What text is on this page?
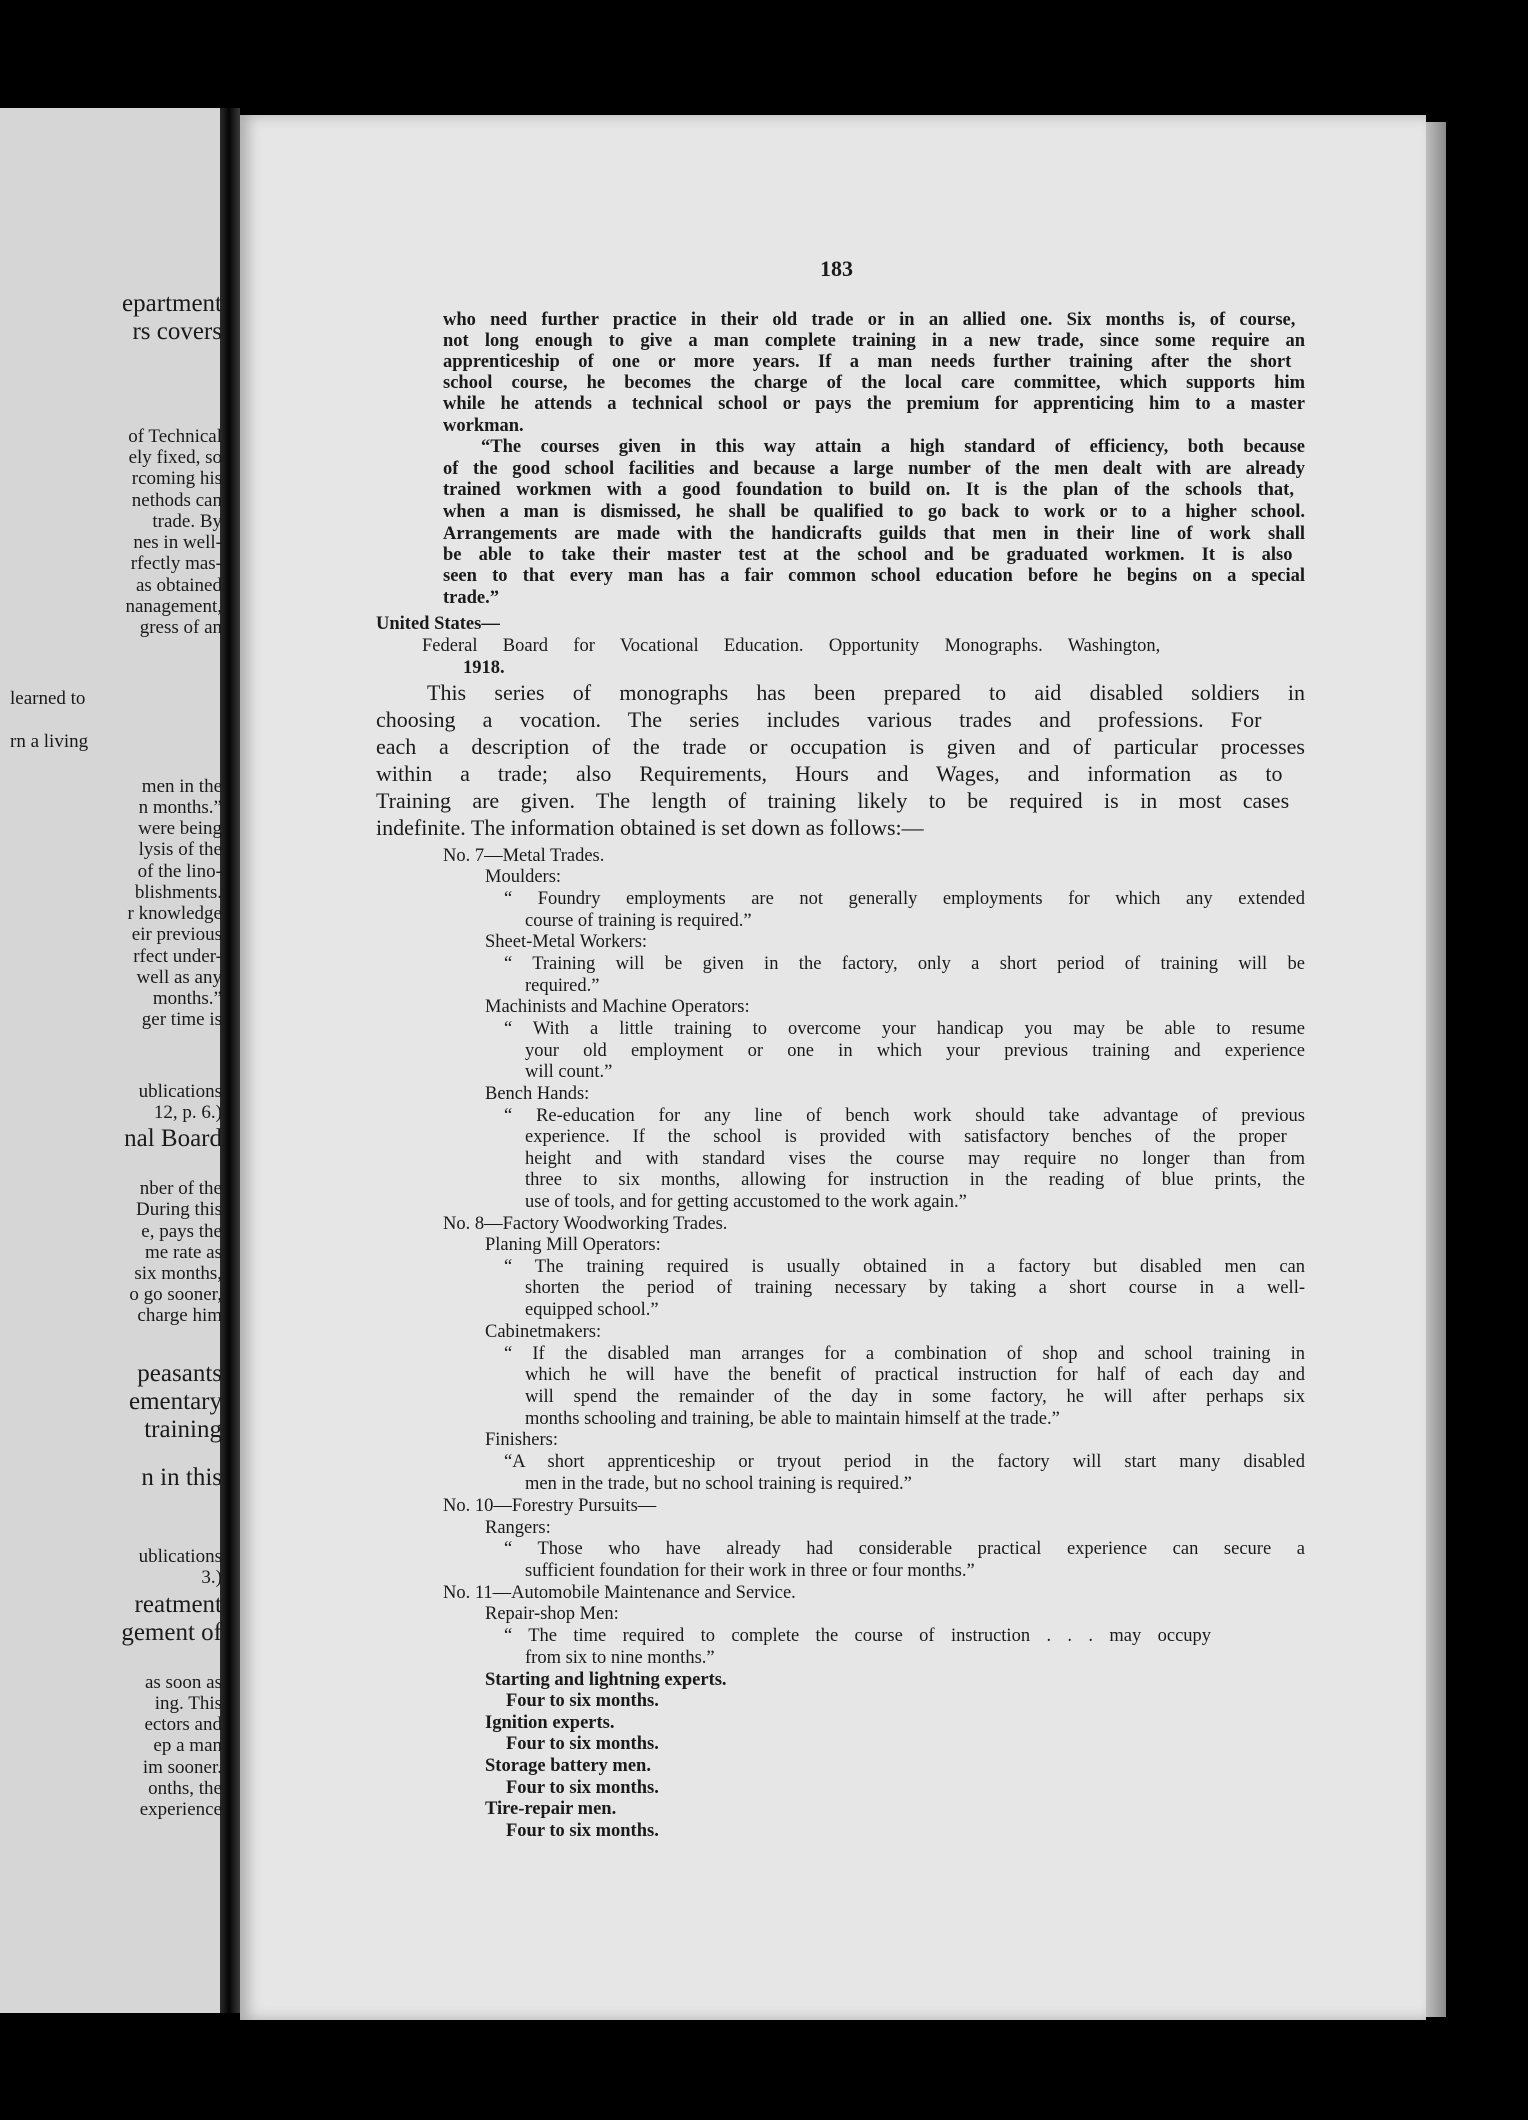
183
epartment
rs covers
of Technical
ely fixed, so
rcoming his
nethods can
trade. By
nes in well-
rfectly mas-
as obtained
nanagement,
gress of an
learned to
rn a living
men in the
n months.”
were being
lysis of the
of the lino-
blishments.
r knowledge
eir previous
rfect under-
well as any
months.”
ger time is
ublications
12, p. 6.)
nal Board
nber of the
During this
e, pays the
me rate as
six months,
o go sooner,
charge him
peasants
ementary
training
n in this
ublications
3.)
reatment
gement of
as soon as
ing. This
ectors and
ep a man
im sooner.
onths, the
experience
who need further practice in their old trade or in an allied one. Six months is, of course,
not long enough to give a man complete training in a new trade, since some require an
apprenticeship of one or more years. If a man needs further training after the short
school course, he becomes the charge of the local care committee, which supports him
while he attends a technical school or pays the premium for apprenticing him to a master
workman.
“The courses given in this way attain a high standard of efficiency, both because
of the good school facilities and because a large number of the men dealt with are already
trained workmen with a good foundation to build on. It is the plan of the schools that,
when a man is dismissed, he shall be qualified to go back to work or to a higher school.
Arrangements are made with the handicrafts guilds that men in their line of work shall
be able to take their master test at the school and be graduated workmen. It is also
seen to that every man has a fair common school education before he begins on a special
trade.”
United States—
Federal Board for Vocational Education. Opportunity Monographs. Washington,
1918.
This series of monographs has been prepared to aid disabled soldiers in
choosing a vocation. The series includes various trades and professions. For
each a description of the trade or occupation is given and of particular processes
within a trade; also Requirements, Hours and Wages, and information as to
Training are given. The length of training likely to be required is in most cases
indefinite. The information obtained is set down as follows:—
No. 7—Metal Trades.
Moulders:
“ Foundry employments are not generally employments for which any extended
course of training is required.”
Sheet-Metal Workers:
“ Training will be given in the factory, only a short period of training will be
required.”
Machinists and Machine Operators:
“ With a little training to overcome your handicap you may be able to resume
your old employment or one in which your previous training and experience
will count.”
Bench Hands:
“ Re-education for any line of bench work should take advantage of previous
experience. If the school is provided with satisfactory benches of the proper
height and with standard vises the course may require no longer than from
three to six months, allowing for instruction in the reading of blue prints, the
use of tools, and for getting accustomed to the work again.”
No. 8—Factory Woodworking Trades.
Planing Mill Operators:
“ The training required is usually obtained in a factory but disabled men can
shorten the period of training necessary by taking a short course in a well-
equipped school.”
Cabinetmakers:
“ If the disabled man arranges for a combination of shop and school training in
which he will have the benefit of practical instruction for half of each day and
will spend the remainder of the day in some factory, he will after perhaps six
months schooling and training, be able to maintain himself at the trade.”
Finishers:
“A short apprenticeship or tryout period in the factory will start many disabled
men in the trade, but no school training is required.”
No. 10—Forestry Pursuits—
Rangers:
“ Those who have already had considerable practical experience can secure a
sufficient foundation for their work in three or four months.”
No. 11—Automobile Maintenance and Service.
Repair-shop Men:
“ The time required to complete the course of instruction . . . may occupy
from six to nine months.”
Starting and lightning experts.
Four to six months.
Ignition experts.
Four to six months.
Storage battery men.
Four to six months.
Tire-repair men.
Four to six months.
